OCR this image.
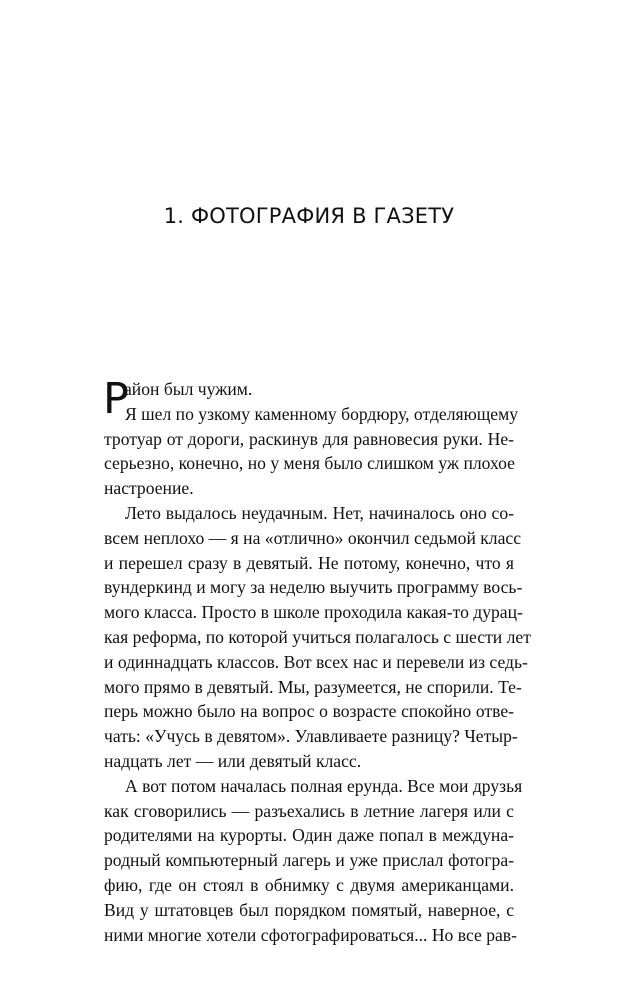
1. ФОТОГРАФИЯ В ГАЗЕТУ
Р
айон был чужим.
Я шел по узкому каменному бордюру, отделяющему
тротуар от дороги, раскинув для равновесия руки. Не-
серьезно, конечно, но у меня было слишком уж плохое
настроение.
Лето выдалось неудачным. Нет, начиналось оно со-
всем неплохо — я на «отлично» окончил седьмой класс
и перешел сразу в девятый. Не потому, конечно, что я
вундеркинд и могу за неделю выучить программу вось-
мого класса. Просто в школе проходила какая-то дурац-
кая реформа, по которой учиться полагалось с шести лет
и одиннадцать классов. Вот всех нас и перевели из седь-
мого прямо в девятый. Мы, разумеется, не спорили. Те-
перь можно было на вопрос о возрасте спокойно отве-
чать: «Учусь в девятом». Улавливаете разницу? Четыр-
надцать лет — или девятый класс.
А вот потом началась полная ерунда. Все мои друзья
как сговорились — разъехались в летние лагеря или с
родителями на курорты. Один даже попал в междуна-
родный компьютерный лагерь и уже прислал фотогра-
фию, где он стоял в обнимку с двумя американцами.
Вид у штатовцев был порядком помятый, наверное, с
ними многие хотели сфотографироваться... Но все рав-
